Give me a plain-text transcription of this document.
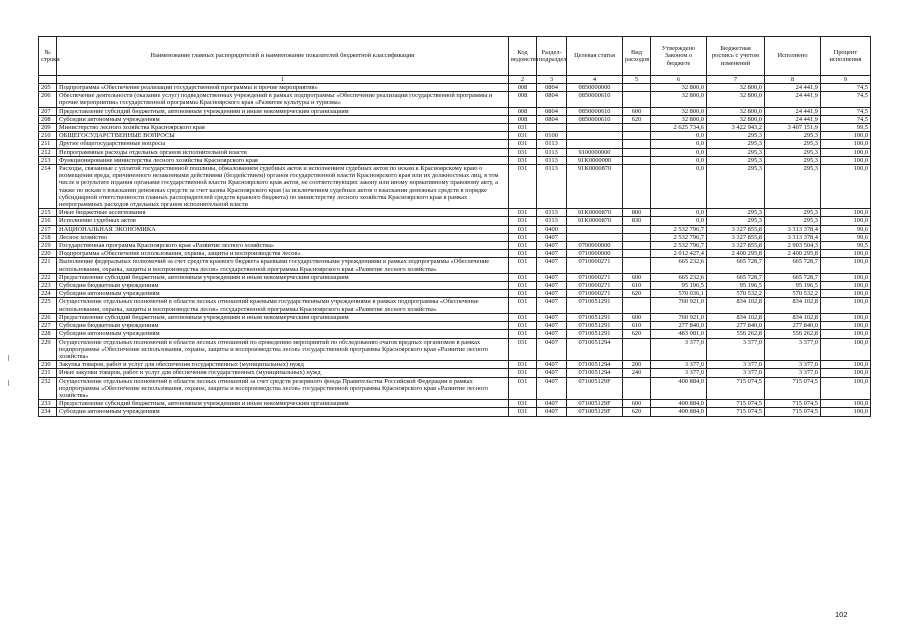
№ строки	Наименование главных распорядителей и наименование показателей бюджетной классификации	Код ведомства	Раздел-подраздел	Целевая статья	Вид расходов	Утверждено Законом о бюджете	Бюджетная роспись с учетом изменений	Исполнено	Процент исполнения
	1	2	3	4	5	6	7	8	9
205	Подпрограмма «Обеспечение реализации государственной программы и прочие мероприятия»	008	0804	0850000000		32 800,0	32 800,0	24 441,9	74,5
206	Обеспечение деятельности (оказание услуг) подведомственных учреждений в рамках подпрограммы «Обеспечение реализации государственной программы и прочие мероприятия» государственной программы Красноярского края «Развитие культуры и туризма»	008	0804	0850000610		32 800,0	32 800,0	24 441,9	74,5
207	Предоставление субсидий бюджетным, автономным учреждениям и иным некоммерческим организациям	008	0804	0850000610	600	32 800,0	32 800,0	24 441,9	74,5
208	Субсидии автономным учреждениям	008	0804	0850000610	620	32 800,0	32 800,0	24 441,9	74,5
209	Министерство лесного хозяйства Красноярского края	031				2 625 734,6	3 422 943,2	3 407 151,9	99,5
210	ОБЩЕГОСУДАРСТВЕННЫЕ ВОПРОСЫ	031	0100			0,0	295,3	295,3	100,0
211	Другие общегосударственные вопросы	031	0113			0,0	295,3	295,3	100,0
212	Непрограммные расходы отдельных органов исполнительной власти	031	0113	9100000000		0,0	295,3	295,3	100,0
213	Функционирование министерства лесного хозяйства Красноярского края	031	0113	91K0000000		0,0	295,3	295,3	100,0
214	Расходы, связанные с уплатой государственной пошлины, обжалованием судебных актов и исполнением судебных актов по искам к Красноярскому краю о возмещении вреда, причиненного незаконными действиями (бездействием) органов государственной власти Красноярского края или их должностных лиц, в том числе в результате издания органами государственной власти Красноярского края актов, не соответствующих закону или иному нормативному правовому акту, а также по искам о взыскании денежных средств за счет казны Красноярского края (за исключением судебных актов о взыскании денежных средств в порядке субсидиарной ответственности главных распорядителей средств краевого бюджета) по министерству лесного хозяйства Красноярского края в рамках непрограммных расходов отдельных органов исполнительной власти	031	0113	91K0000870		0,0	295,3	295,3	100,0
215	Иные бюджетные ассигнования	031	0113	91K0000870	800	0,0	295,3	295,3	100,0
216	Исполнение судебных актов	031	0113	91K0000870	830	0,0	295,3	295,3	100,0
217	НАЦИОНАЛЬНАЯ ЭКОНОМИКА	031	0400			2 532 796,7	3 327 855,8	3 313 378,4	99,6
218	Лесное хозяйство	031	0407			2 532 796,7	3 327 855,8	3 313 378,4	99,6
219	Государственная программа Красноярского края «Развитие лесного хозяйства»	031	0407	0700000000		2 532 796,7	3 327 855,8	2 903 504,3	99,5
220	Подпрограмма «Обеспечение использования, охраны, защиты и воспроизводства лесов»	031	0407	0710000000		2 012 427,4	2 400 295,8	2 400 295,8	100,0
221	Выполнение федеральных полномочий за счет средств краевого бюджета краевыми государственными учреждениями в рамках подпрограммы «Обеспечение использования, охраны, защиты и воспроизводства лесов» государственной программы Красноярского края «Развитие лесного хозяйства»	031	0407	0710000271		665 232,6	665 728,7	665 728,7	100,0
222	Предоставление субсидий бюджетным, автономным учреждениям и иным некоммерческим организациям	031	0407	0710000271	600	665 232,6	665 728,7	665 728,7	100,0
223	Субсидии бюджетным учреждениям	031	0407	0710000271	610	95 196,5	95 196,5	95 196,5	100,0
224	Субсидии автономным учреждениям	031	0407	0710000271	620	570 036,1	570 532,2	570 532,2	100,0
225	Осуществление отдельных полномочий в области лесных отношений краевыми государственными учреждениями в рамках подпрограммы «Обеспечение использования, охраны, защиты и воспроизводства лесов» государственной программы Красноярского края «Развитие лесного хозяйства»	031	0407	0710051291		760 921,0	834 102,8	834 102,8	100,0
226	Предоставление субсидий бюджетным, автономным учреждениям и иным некоммерческим организациям	031	0407	0710051291	600	760 921,0	834 102,8	834 102,8	100,0
227	Субсидии бюджетным учреждениям	031	0407	0710051291	610	277 840,0	277 840,0	277 840,0	100,0
228	Субсидии автономным учреждениям	031	0407	0710051291	620	483 081,0	556 262,8	556 262,8	100,0
229	Осуществление отдельных полномочий в области лесных отношений по проведению мероприятий по обследованию очагов вредных организмов в рамках подпрограммы «Обеспечение использования, охраны, защиты и воспроизводства лесов» государственной программы Красноярского края «Развитие лесного хозяйства»	031	0407	0710051294		3 377,0	3 377,0	3 377,0	100,0
230	Закупка товаров, работ и услуг для обеспечения государственных (муниципальных) нужд	031	0407	0710051294	200	3 377,0	3 377,0	3 377,0	100,0
231	Иные закупки товаров, работ и услуг для обеспечения государственных (муниципальных) нужд	031	0407	0710051294	240	3 377,0	3 377,0	3 377,0	100,0
232	Осуществление отдельных полномочий в области лесных отношений за счет средств резервного фонда Правительства Российской Федерации в рамках подпрограммы «Обеспечение использования, охраны, защиты и воспроизводства лесов» государственной программы Красноярского края «Развитие лесного хозяйства»	031	0407	071005129F		400 884,0	715 074,5	715 074,5	100,0
233	Предоставление субсидий бюджетным, автономным учреждениям и иным некоммерческим организациям	031	0407	071005129F	600	400 884,0	715 074,5	715 074,5	100,0
234	Субсидии автономным учреждениям	031	0407	071005129F	620	400 884,0	715 074,5	715 074,5	100,0
102
